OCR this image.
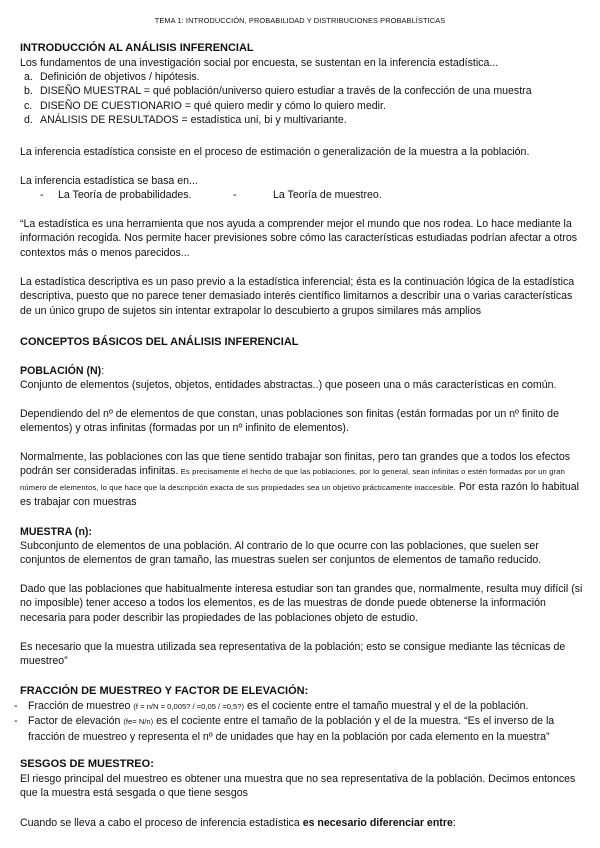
TEMA 1: INTRODUCCIÓN, PROBABILIDAD Y DISTRIBUCIONES PROBABLÍSTICAS
INTRODUCCIÓN AL ANÁLISIS INFERENCIAL
Los fundamentos de una investigación social por encuesta, se sustentan en la inferencia estadística...
a. Definición de objetivos / hipótesis.
b. DISEÑO MUESTRAL = qué población/universo quiero estudiar a través de la confección de una muestra
c. DISEÑO DE CUESTIONARIO = qué quiero medir y cómo lo quiero medir.
d. ANÁLISIS DE RESULTADOS = estadística uni, bi y multivariante.
La inferencia estadística consiste en el proceso de estimación o generalización de la muestra a la población.
La inferencia estadística se basa en...
- La Teoría de probabilidades.	-	La Teoría de muestreo.
“La estadística es una herramienta que nos ayuda a comprender mejor el mundo que nos rodea. Lo hace mediante la información recogida. Nos permite hacer previsiones sobre cómo las características estudiadas podrían afectar a otros contextos más o menos parecidos...
La estadística descriptiva es un paso previo a la estadística inferencial; ésta es la continuación lógica de la estadística descriptiva, puesto que no parece tener demasiado interés científico limitarnos a describir una o varias características de un único grupo de sujetos sin intentar extrapolar lo descubierto a grupos similares más amplios
CONCEPTOS BÁSICOS DEL ANÁLISIS INFERENCIAL
POBLACIÓN (N):
Conjunto de elementos (sujetos, objetos, entidades abstractas..) que poseen una o más características en común.
Dependiendo del nº de elementos de que constan, unas poblaciones son finitas (están formadas por un nº finito de elementos) y otras infinitas (formadas por un nº infinito de elementos).
Normalmente, las poblaciones con las que tiene sentido trabajar son finitas, pero tan grandes que a todos los efectos podrán ser consideradas infinitas. Es precisamente el hecho de que las poblaciones, por lo general, sean infinitas o estén formadas por un gran número de elementos, lo que hace que la descripción exacta de sus propiedades sea un objetivo prácticamente inaccesible. Por esta razón lo habitual es trabajar con muestras
MUESTRA (n):
Subconjunto de elementos de una población. Al contrario de lo que ocurre con las poblaciones, que suelen ser conjuntos de elementos de gran tamaño, las muestras suelen ser conjuntos de elementos de tamaño reducido.
Dado que las poblaciones que habitualmente interesa estudiar son tan grandes que, normalmente, resulta muy difícil (si no imposible) tener acceso a todos los elementos, es de las muestras de donde puede obtenerse la información necesaria para poder describir las propiedades de las poblaciones objeto de estudio.
Es necesario que la muestra utilizada sea representativa de la población; esto se consigue mediante las técnicas de muestreo”
FRACCIÓN DE MUESTREO Y FACTOR DE ELEVACIÓN:
- Fracción de muestreo (f = n/N = 0,005? / =0,05 / =0,5?) es el cociente entre el tamaño muestral y el de la población.
- Factor de elevación (fe= N/n) es el cociente entre el tamaño de la población y el de la muestra. “Es el inverso de la fracción de muestreo y representa el nº de unidades que hay en la población por cada elemento en la muestra”
SESGOS DE MUESTREO:
El riesgo principal del muestreo es obtener una muestra que no sea representativa de la población. Decimos entonces que la muestra está sesgada o que tiene sesgos
Cuando se lleva a cabo el proceso de inferencia estadística es necesario diferenciar entre:
